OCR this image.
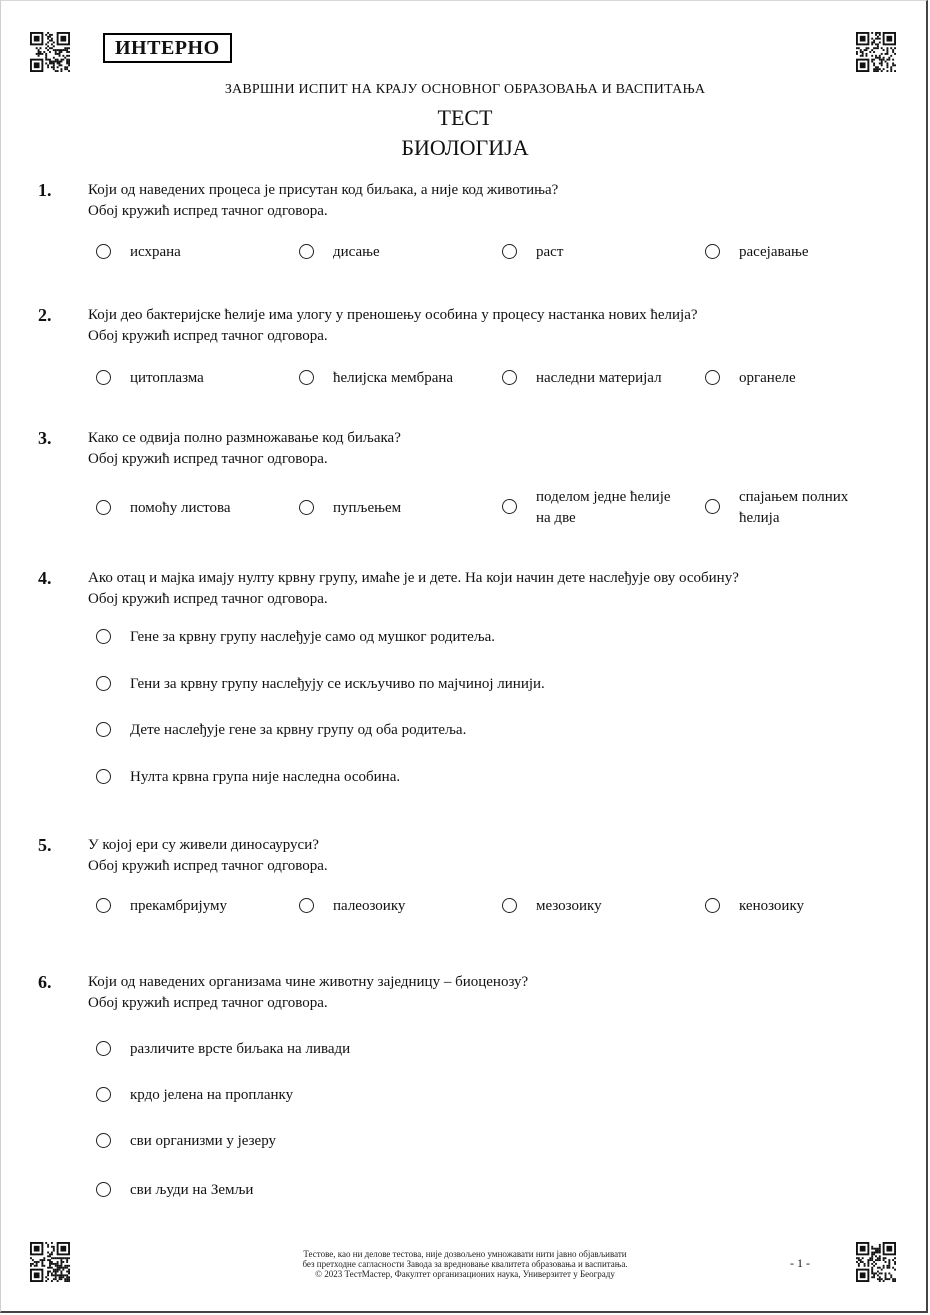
ИНТЕРНО
ЗАВРШНИ ИСПИТ НА КРАЈУ ОСНОВНОГ ОБРАЗОВАЊА И ВАСПИТАЊА
ТЕСТ
БИОЛОГИЈА
1. Који од наведених процеса је присутан код биљака, а није код животиња?
Обој кружић испред тачног одговора.
исхрана	дисање	раст	расејавање
2. Који део бактеријске ћелије има улогу у преношењу особина у процесу настанка нових ћелија?
Обој кружић испред тачног одговора.
цитоплазма	ћелијска мембрана	наследни материјал	органеле
3. Како се одвија полно размножавање код биљака?
Обој кружић испред тачног одговора.
помоћу листова	пупљењем
поделом једне ћелије на две
спајањем полних ћелија
4. Ако отац и мајка имају нулту крвну групу, имаће је и дете. На који начин дете наслеђује ову особину?
Обој кружић испред тачног одговора.
Гене за крвну групу наслеђује само од мушког родитеља.
Гени за крвну групу наслеђују се искључиво по мајчиној линији.
Дете наслеђује гене за крвну групу од оба родитеља.
Нулта крвна група није наследна особина.
5. У којој ери су живели диносауруси?
Обој кружић испред тачног одговора.
прекамбријуму	палеозоику	мезозоику	кенозоику
6. Који од наведених организама чине животну заједницу – биоценозу?
Обој кружић испред тачног одговора.
различите врсте биљака на ливади
крдо јелена на пропланку
сви организми у језеру
сви људи на Земљи
Тестове, као ни делове тестова, није дозвољено умножавати нити јавно објављивати
без претходне сагласности Завода за вредновање квалитета образовања и васпитања.
© 2023 ТестМастер, Факултет организационих наука, Универзитет у Београду
- 1 -
